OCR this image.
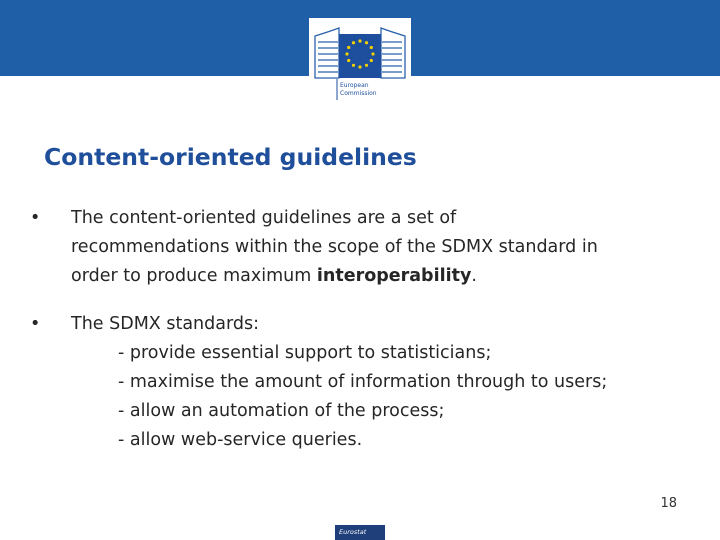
European
Commission
Content-oriented guidelines
• The content-oriented guidelines are a set of
recommendations within the scope of the SDMX standard in
order to produce maximum interoperability.
• The SDMX standards:
- provide essential support to statisticians;
- maximise the amount of information through to users;
- allow an automation of the process;
- allow web-service queries.
18
Eurostat
